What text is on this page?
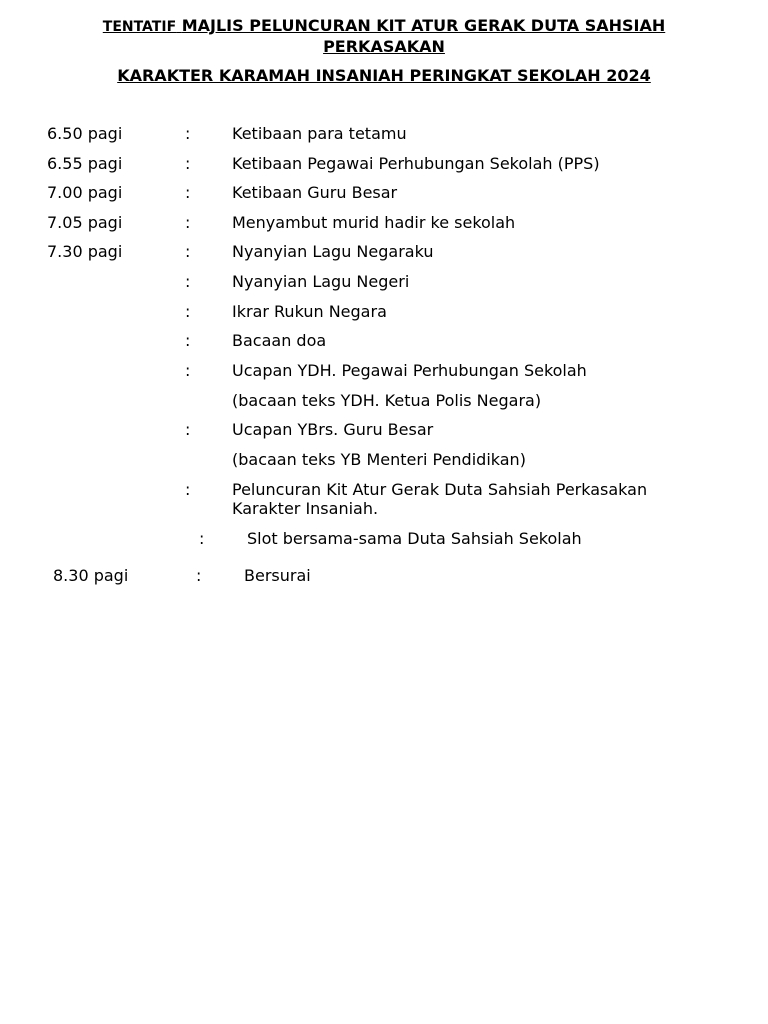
TENTATIF MAJLIS PELUNCURAN KIT ATUR GERAK DUTA SAHSIAH PERKASAKAN
KARAKTER KARAMAH INSANIAH PERINGKAT SEKOLAH 2024
6.50 pagi	:	Ketibaan para tetamu
6.55 pagi	:	Ketibaan Pegawai Perhubungan Sekolah (PPS)
7.00 pagi	:	Ketibaan Guru Besar
7.05 pagi	:	Menyambut murid hadir ke sekolah
7.30 pagi	:	Nyanyian Lagu Negaraku
:	Nyanyian Lagu Negeri
:	Ikrar Rukun Negara
:	Bacaan doa
:	Ucapan YDH. Pegawai Perhubungan Sekolah
(bacaan teks YDH. Ketua Polis Negara)
:	Ucapan YBrs. Guru Besar
(bacaan teks YB Menteri Pendidikan)
:	Peluncuran Kit Atur Gerak Duta Sahsiah Perkasakan Karakter Insaniah.
:	Slot bersama-sama Duta Sahsiah Sekolah
8.30 pagi	:	Bersurai
